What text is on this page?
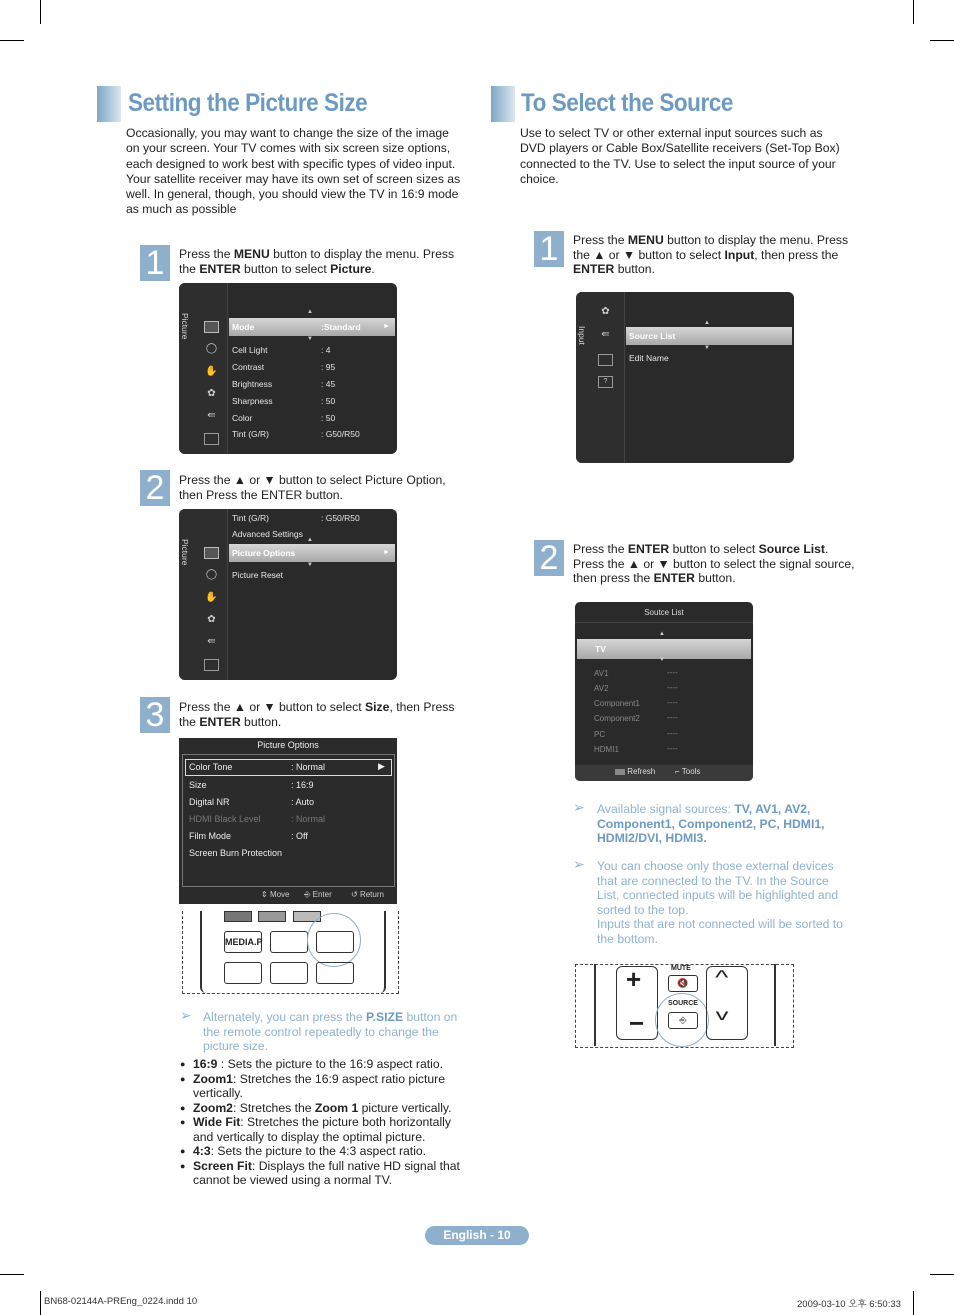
Setting the Picture Size
Occasionally, you may want to change the size of the image on your screen. Your TV comes with six screen size options, each designed to work best with specific types of video input. Your satellite receiver may have its own set of screen sizes as well. In general, though, you should view the TV in 16:9 mode as much as possible
1	Press the MENU button to display the menu. Press the ENTER button to select Picture.
Picture
◯
✋
✿
⇚
▲
Mode	:Standard	►
▼
Cell Light	: 4
Contrast	: 95
Brightness	: 45
Sharpness	: 50
Color	: 50
Tint (G/R)	: G50/R50
2	Press the ▲ or ▼ button to select Picture Option, then Press the ENTER button.
Picture
◯
✋
✿
⇚
Tint (G/R)	: G50/R50
Advanced Settings
▲
Picture Options	►
▼
Picture Reset
3	Press the ▲ or ▼ button to select Size, then Press the ENTER button.
Picture Options
Color Tone	: Normal	▶
Size	: 16:9
Digital NR	: Auto
HDMI Black Level	: Normal
Film Mode	: Off
Screen Burn Protection
⇕ Move ⎆ Enter ↺ Return
MEDIA.P
➢ Alternately, you can press the P.SIZE button on the remote control repeatedly to change the picture size.
● 16:9 : Sets the picture to the 16:9 aspect ratio.
● Zoom1: Stretches the 16:9 aspect ratio picture vertically.
● Zoom2: Stretches the Zoom 1 picture vertically.
● Wide Fit: Stretches the picture both horizontally and vertically to display the optimal picture.
● 4:3: Sets the picture to the 4:3 aspect ratio.
● Screen Fit: Displays the full native HD signal that cannot be viewed using a normal TV.
To Select the Source
Use to select TV or other external input sources such as DVD players or Cable Box/Satellite receivers (Set-Top Box) connected to the TV. Use to select the input source of your choice.
1	Press the MENU button to display the menu. Press the ▲ or ▼ button to select Input, then press the ENTER button.
Input
✿
⇚
?
▲
Source List
▼
Edit Name
2	Press the ENTER button to select Source List. Press the ▲ or ▼ button to select the signal source, then press the ENTER button.
Soutce List
▲
TV
▼
AV1	----
AV2	----
Component1	----
Component2	----
PC	----
HDMI1	----
Refresh ⌐ Tools
➢ Available signal sources: TV, AV1, AV2, Component1, Component2, PC, HDMI1, HDMI2/DVI, HDMI3.
➢ You can choose only those external devices that are connected to the TV. In the Source List, connected inputs will be highlighted and sorted to the top.
Inputs that are not connected will be sorted to the bottom.
+
−
MUTE
🔇
SOURCE
⎆
^
v
English - 10
BN68-02144A-PREng_0224.indd 10	2009-03-10 오후 6:50:33
